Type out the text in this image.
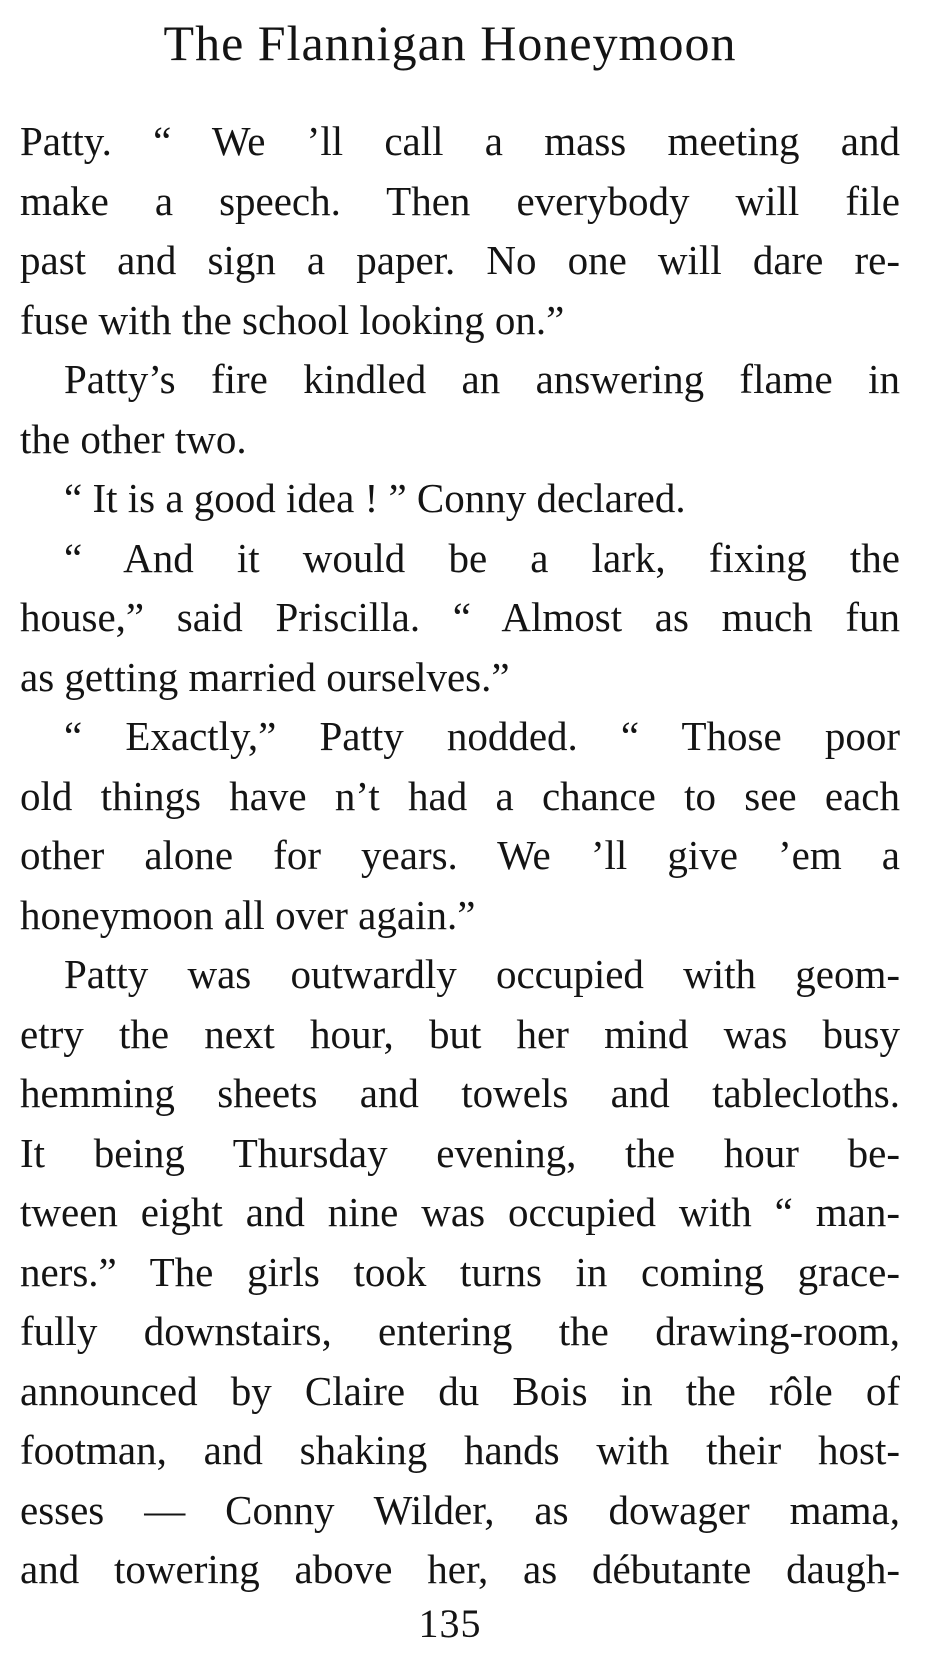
The Flannigan Honeymoon
Patty. “ We ’ll call a mass meeting and
make a speech. Then everybody will file
past and sign a paper. No one will dare re-
fuse with the school looking on.”
Patty’s fire kindled an answering flame in
the other two.
“ It is a good idea ! ” Conny declared.
“ And it would be a lark, fixing the
house,” said Priscilla. “ Almost as much fun
as getting married ourselves.”
“ Exactly,” Patty nodded. “ Those poor
old things have n’t had a chance to see each
other alone for years. We ’ll give ’em a
honeymoon all over again.”
Patty was outwardly occupied with geom-
etry the next hour, but her mind was busy
hemming sheets and towels and tablecloths.
It being Thursday evening, the hour be-
tween eight and nine was occupied with “ man-
ners.” The girls took turns in coming grace-
fully downstairs, entering the drawing-room,
announced by Claire du Bois in the rôle of
footman, and shaking hands with their host-
esses — Conny Wilder, as dowager mama,
and towering above her, as débutante daugh-
135
